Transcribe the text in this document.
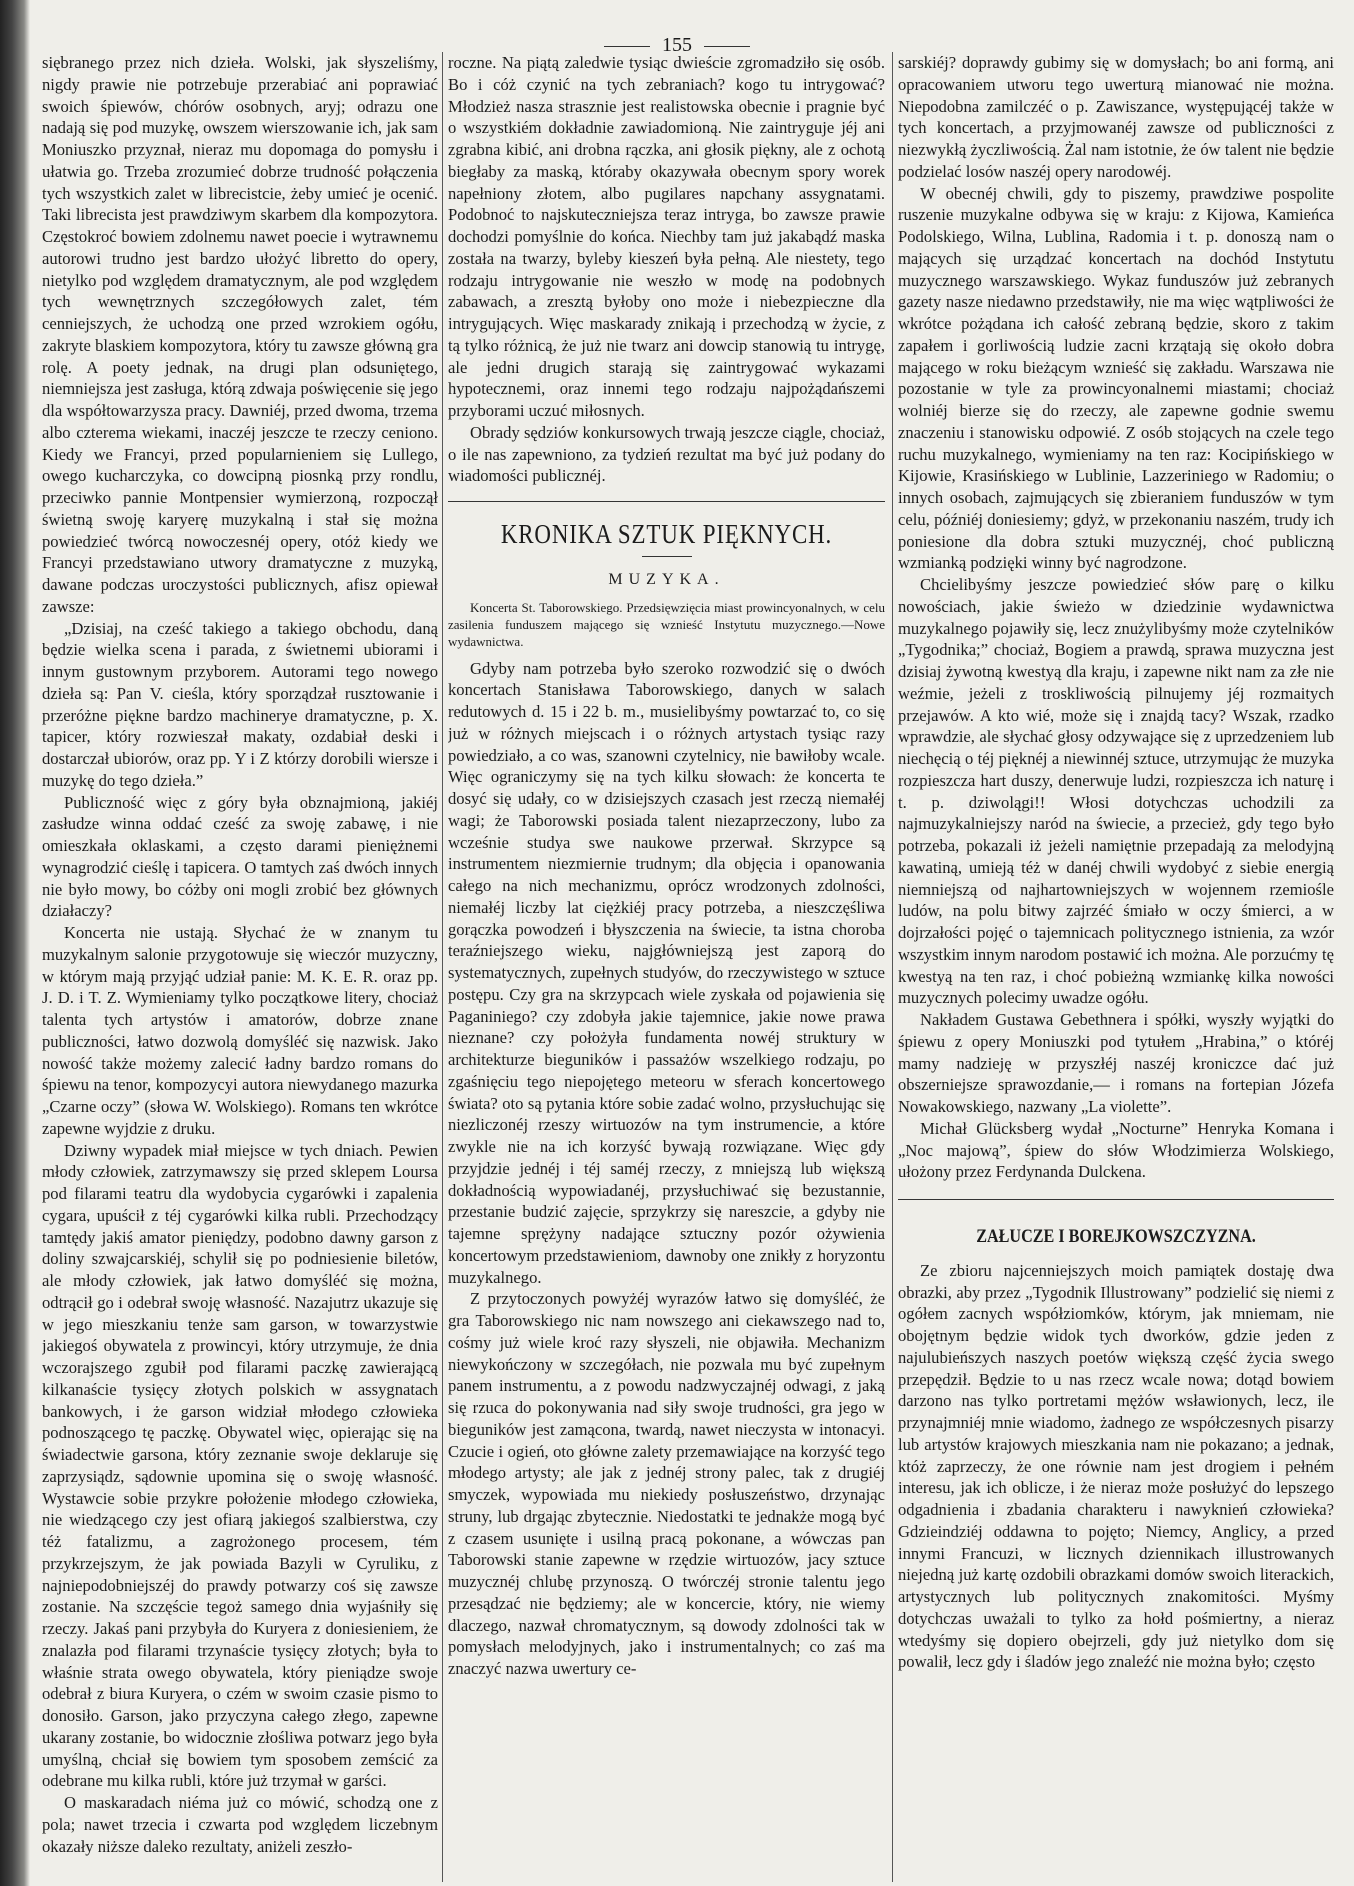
155

siębranego przez nich dzieła. Wolski, jak słyszeliśmy, nigdy prawie nie potrzebuje przerabiać ani poprawiać swoich śpiewów, chórów osobnych, aryj; odrazu one nadają się pod muzykę, owszem wierszowanie ich, jak sam Moniuszko przyznał, nieraz mu dopomaga do pomysłu i ułatwia go. Trzeba zrozumieć dobrze trudność połączenia tych wszystkich zalet w librecistcie, żeby umieć je ocenić. Taki librecista jest prawdziwym skarbem dla kompozytora. Częstokroć bowiem zdolnemu nawet poecie i wytrawnemu autorowi trudno jest bardzo ułożyć libretto do opery, nietylko pod względem dramatycznym, ale pod względem tych wewnętrznych szczegółowych zalet, tém cenniejszych, że uchodzą one przed wzrokiem ogółu, zakryte blaskiem kompozytora, który tu zawsze główną gra rolę. A poety jednak, na drugi plan odsuniętego, niemniejsza jest zasługa, którą zdwaja poświęcenie się jego dla współtowarzysza pracy. Dawniéj, przed dwoma, trzema albo czterema wiekami, inaczéj jeszcze te rzeczy ceniono. Kiedy we Francyi, przed popularnieniem się Lullego, owego kucharczyka, co dowcipną piosnką przy rondlu, przeciwko pannie Montpensier wymierzoną, rozpoczął świetną swoję karyerę muzykalną i stał się można powiedzieć twórcą nowoczesnéj opery, otóż kiedy we Francyi przedstawiano utwory dramatyczne z muzyką, dawane podczas uroczystości publicznych, afisz opiewał zawsze:

„Dzisiaj, na cześć takiego a takiego obchodu, daną będzie wielka scena i parada, z świetnemi ubiorami i innym gustownym przyborem. Autorami tego nowego dzieła są: Pan V. cieśla, który sporządzał rusztowanie i przeróżne piękne bardzo machinerye dramatyczne, p. X. tapicer, który rozwieszał makaty, ozdabiał deski i dostarczał ubiorów, oraz pp. Y i Z którzy dorobili wiersze i muzykę do tego dzieła.”

Publiczność więc z góry była obznajmioną, jakiéj zasłudze winna oddać cześć za swoję zabawę, i nie omieszkała oklaskami, a często darami pieniężnemi wynagrodzić cieślę i tapicera. O tamtych zaś dwóch innych nie było mowy, bo cóżby oni mogli zrobić bez głównych działaczy?

Koncerta nie ustają. Słychać że w znanym tu muzykalnym salonie przygotowuje się wieczór muzyczny, w którym mają przyjąć udział panie: M. K. E. R. oraz pp. J. D. i T. Z. Wymieniamy tylko początkowe litery, chociaż talenta tych artystów i amatorów, dobrze znane publiczności, łatwo dozwolą domyśléć się nazwisk. Jako nowość także możemy zalecić ładny bardzo romans do śpiewu na tenor, kompozycyi autora niewydanego mazurka „Czarne oczy” (słowa W. Wolskiego). Romans ten wkrótce zapewne wyjdzie z druku.

Dziwny wypadek miał miejsce w tych dniach. Pewien młody człowiek, zatrzymawszy się przed sklepem Loursa pod filarami teatru dla wydobycia cygarówki i zapalenia cygara, upuścił z téj cygarówki kilka rubli. Przechodzący tamtędy jakiś amator pieniędzy, podobno dawny garson z doliny szwajcarskiéj, schylił się po podniesienie biletów, ale młody człowiek, jak łatwo domyśléć się można, odtrącił go i odebrał swoję własność. Nazajutrz ukazuje się w jego mieszkaniu tenże sam garson, w towarzystwie jakiegoś obywatela z prowincyi, który utrzymuje, że dnia wczorajszego zgubił pod filarami paczkę zawierającą kilkanaście tysięcy złotych polskich w assygnatach bankowych, i że garson widział młodego człowieka podnoszącego tę paczkę. Obywatel więc, opierając się na świadectwie garsona, który zeznanie swoje deklaruje się zaprzysiądz, sądownie upomina się o swoję własność. Wystawcie sobie przykre położenie młodego człowieka, nie wiedzącego czy jest ofiarą jakiegoś szalbierstwa, czy téż fatalizmu, a zagrożonego procesem, tém przykrzejszym, że jak powiada Bazyli w Cyruliku, z najniepodobniejszéj do prawdy potwarzy coś się zawsze zostanie. Na szczęście tegoż samego dnia wyjaśniły się rzeczy. Jakaś pani przybyła do Kuryera z doniesieniem, że znalazła pod filarami trzynaście tysięcy złotych; była to właśnie strata owego obywatela, który pieniądze swoje odebrał z biura Kuryera, o czém w swoim czasie pismo to donosiło. Garson, jako przyczyna całego złego, zapewne ukarany zostanie, bo widocznie złośliwa potwarz jego była umyślną, chciał się bowiem tym sposobem zemścić za odebrane mu kilka rubli, które już trzymał w garści.

O maskaradach niéma już co mówić, schodzą one z pola; nawet trzecia i czwarta pod względem liczebnym okazały niższe daleko rezultaty, aniżeli zeszło-

roczne. Na piątą zaledwie tysiąc dwieście zgromadziło się osób. Bo i cóż czynić na tych zebraniach? kogo tu intrygować? Młodzież nasza strasznie jest realistowska obecnie i pragnie być o wszystkiém dokładnie zawiadomioną. Nie zaintryguje jéj ani zgrabna kibić, ani drobna rączka, ani głosik piękny, ale z ochotą biegłaby za maską, któraby okazywała obecnym spory worek napełniony złotem, albo pugilares napchany assygnatami. Podobnoć to najskuteczniejsza teraz intryga, bo zawsze prawie dochodzi pomyślnie do końca. Niechby tam już jakabądź maska została na twarzy, byleby kieszeń była pełną. Ale niestety, tego rodzaju intrygowanie nie weszło w modę na podobnych zabawach, a zresztą byłoby ono może i niebezpieczne dla intrygujących. Więc maskarady znikają i przechodzą w życie, z tą tylko różnicą, że już nie twarz ani dowcip stanowią tu intrygę, ale jedni drugich starają się zaintrygować wykazami hypotecznemi, oraz innemi tego rodzaju najpożądańszemi przyborami uczuć miłosnych.

Obrady sędziów konkursowych trwają jeszcze ciągle, chociaż, o ile nas zapewniono, za tydzień rezultat ma być już podany do wiadomości publicznéj.

KRONIKA SZTUK PIĘKNYCH.
MUZYKA.

Koncerta St. Taborowskiego. Przedsięwzięcia miast prowincyonalnych, w celu zasilenia funduszem mającego się wznieść Instytutu muzycznego.—Nowe wydawnictwa.

Gdyby nam potrzeba było szeroko rozwodzić się o dwóch koncertach Stanisława Taborowskiego, danych w salach redutowych d. 15 i 22 b. m., musielibyśmy powtarzać to, co się już w różnych miejscach i o różnych artystach tysiąc razy powiedziało, a co was, szanowni czytelnicy, nie bawiłoby wcale. Więc ograniczymy się na tych kilku słowach: że koncerta te dosyć się udały, co w dzisiejszych czasach jest rzeczą niemałéj wagi; że Taborowski posiada talent niezaprzeczony, lubo za wcześnie studya swe naukowe przerwał. Skrzypce są instrumentem niezmiernie trudnym; dla objęcia i opanowania całego na nich mechanizmu, oprócz wrodzonych zdolności, niemałéj liczby lat ciężkiéj pracy potrzeba, a nieszczęśliwa gorączka powodzeń i błyszczenia na świecie, ta istna choroba teraźniejszego wieku, najgłówniejszą jest zaporą do systematycznych, zupełnych studyów, do rzeczywistego w sztuce postępu. Czy gra na skrzypcach wiele zyskała od pojawienia się Paganiniego? czy zdobyła jakie tajemnice, jakie nowe prawa nieznane? czy położyła fundamenta nowéj struktury w architekturze bieguników i passażów wszelkiego rodzaju, po zgaśnięciu tego niepojętego meteoru w sferach koncertowego świata? oto są pytania które sobie zadać wolno, przysłuchując się niezliczonéj rzeszy wirtuozów na tym instrumencie, a które zwykle nie na ich korzyść bywają rozwiązane. Więc gdy przyjdzie jednéj i téj saméj rzeczy, z mniejszą lub większą dokładnością wypowiadanéj, przysłuchiwać się bezustannie, przestanie budzić zajęcie, sprzykrzy się nareszcie, a gdyby nie tajemne sprężyny nadające sztuczny pozór ożywienia koncertowym przedstawieniom, dawnoby one znikły z horyzontu muzykalnego.

Z przytoczonych powyżéj wyrazów łatwo się domyśléć, że gra Taborowskiego nic nam nowszego ani ciekawszego nad to, cośmy już wiele kroć razy słyszeli, nie objawiła. Mechanizm niewykończony w szczegółach, nie pozwala mu być zupełnym panem instrumentu, a z powodu nadzwyczajnéj odwagi, z jaką się rzuca do pokonywania nad siły swoje trudności, gra jego w bieguników jest zamącona, twardą, nawet nieczysta w intonacyi. Czucie i ogień, oto główne zalety przemawiające na korzyść tego młodego artysty; ale jak z jednéj strony palec, tak z drugiéj smyczek, wypowiada mu niekiedy posłuszeństwo, drzynając struny, lub drgając zbytecznie. Niedostatki te jednakże mogą być z czasem usunięte i usilną pracą pokonane, a wówczas pan Taborowski stanie zapewne w rzędzie wirtuozów, jacy sztuce muzycznéj chlubę przynoszą. O twórczéj stronie talentu jego przesądzać nie będziemy; ale w koncercie, który, nie wiemy dlaczego, nazwał chromatycznym, są dowody zdolności tak w pomysłach melodyjnych, jako i instrumentalnych; co zaś ma znaczyć nazwa uwertury ce-

sarskiéj? doprawdy gubimy się w domysłach; bo ani formą, ani opracowaniem utworu tego uwerturą mianować nie można. Niepodobna zamilczéć o p. Zawiszance, występującéj także w tych koncertach, a przyjmowanéj zawsze od publiczności z niezwykłą życzliwością. Żal nam istotnie, że ów talent nie będzie podzielać losów naszéj opery narodowéj.

W obecnéj chwili, gdy to piszemy, prawdziwe pospolite ruszenie muzykalne odbywa się w kraju: z Kijowa, Kamieńca Podolskiego, Wilna, Lublina, Radomia i t. p. donoszą nam o mających się urządzać koncertach na dochód Instytutu muzycznego warszawskiego. Wykaz funduszów już zebranych gazety nasze niedawno przedstawiły, nie ma więc wątpliwości że wkrótce pożądana ich całość zebraną będzie, skoro z takim zapałem i gorliwością ludzie zacni krzątają się około dobra mającego w roku bieżącym wznieść się zakładu. Warszawa nie pozostanie w tyle za prowincyonalnemi miastami; chociaż wolniéj bierze się do rzeczy, ale zapewne godnie swemu znaczeniu i stanowisku odpowié. Z osób stojących na czele tego ruchu muzykalnego, wymieniamy na ten raz: Kocipińskiego w Kijowie, Krasińskiego w Lublinie, Lazzeriniego w Radomiu; o innych osobach, zajmujących się zbieraniem funduszów w tym celu, późniéj doniesiemy; gdyż, w przekonaniu naszém, trudy ich poniesione dla dobra sztuki muzycznéj, choć publiczną wzmianką podzięki winny być nagrodzone.

Chcielibyśmy jeszcze powiedzieć słów parę o kilku nowościach, jakie świeżo w dziedzinie wydawnictwa muzykalnego pojawiły się, lecz znużylibyśmy może czytelników „Tygodnika;” chociaż, Bogiem a prawdą, sprawa muzyczna jest dzisiaj żywotną kwestyą dla kraju, i zapewne nikt nam za złe nie weźmie, jeżeli z troskliwością pilnujemy jéj rozmaitych przejawów. A kto wié, może się i znajdą tacy? Wszak, rzadko wprawdzie, ale słychać głosy odzywające się z uprzedzeniem lub niechęcią o téj pięknéj a niewinnéj sztuce, utrzymując że muzyka rozpieszcza hart duszy, denerwuje ludzi, rozpieszcza ich naturę i t. p. dziwolągi!! Włosi dotychczas uchodzili za najmuzykalniejszy naród na świecie, a przecież, gdy tego było potrzeba, pokazali iż jeżeli namiętnie przepadają za melodyjną kawatiną, umieją téż w danéj chwili wydobyć z siebie energią niemniejszą od najhartowniejszych w wojennem rzemiośle ludów, na polu bitwy zajrzéć śmiało w oczy śmierci, a w dojrzałości pojęć o tajemnicach politycznego istnienia, za wzór wszystkim innym narodom postawić ich można. Ale porzućmy tę kwestyą na ten raz, i choć pobieżną wzmiankę kilka nowości muzycznych polecimy uwadze ogółu.

Nakładem Gustawa Gebethnera i spółki, wyszły wyjątki do śpiewu z opery Moniuszki pod tytułem „Hrabina,” o któréj mamy nadzieję w przyszłéj naszéj kroniczce dać już obszerniejsze sprawozdanie,— i romans na fortepian Józefa Nowakowskiego, nazwany „La violette”.

Michał Glücksberg wydał „Nocturne” Henryka Komana i „Noc majową”, śpiew do słów Włodzimierza Wolskiego, ułożony przez Ferdynanda Dulckena.

ZAŁUCZE I BOREJKOWSZCZYZNA.

Ze zbioru najcenniejszych moich pamiątek dostaję dwa obrazki, aby przez „Tygodnik Illustrowany” podzielić się niemi z ogółem zacnych współziomków, którym, jak mniemam, nie obojętnym będzie widok tych dworków, gdzie jeden z najulubieńszych naszych poetów większą część życia swego przepędził. Będzie to u nas rzecz wcale nowa; dotąd bowiem darzono nas tylko portretami mężów wsławionych, lecz, ile przynajmniéj mnie wiadomo, żadnego ze współczesnych pisarzy lub artystów krajowych mieszkania nam nie pokazano; a jednak, któż zaprzeczy, że one równie nam jest drogiem i pełném interesu, jak ich oblicze, i że nieraz może posłużyć do lepszego odgadnienia i zbadania charakteru i nawyknień człowieka? Gdzieindziéj oddawna to pojęto; Niemcy, Anglicy, a przed innymi Francuzi, w licznych dziennikach illustrowanych niejedną już kartę ozdobili obrazkami domów swoich literackich, artystycznych lub politycznych znakomitości. Myśmy dotychczas uważali to tylko za hołd pośmiertny, a nieraz wtedyśmy się dopiero obejrzeli, gdy już nietylko dom się powalił, lecz gdy i śladów jego znaleźć nie można było; często
